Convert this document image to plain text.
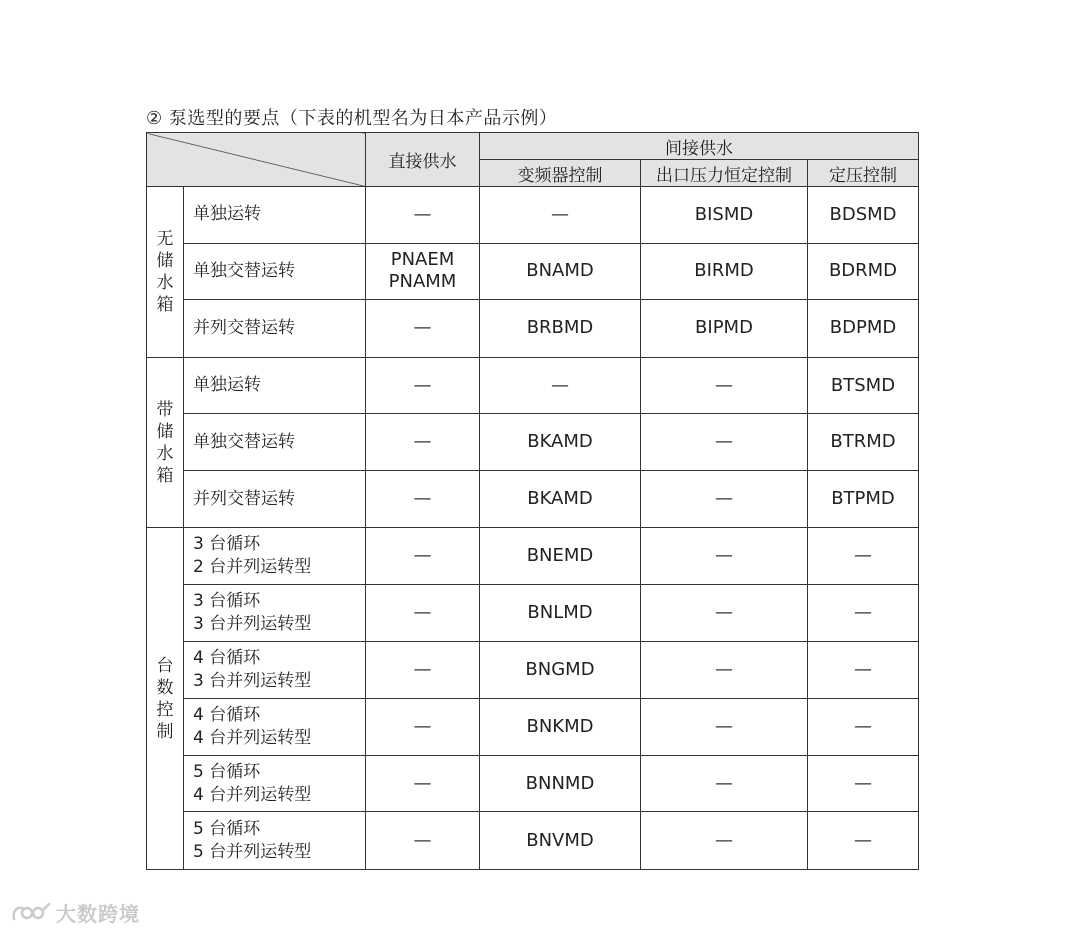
② 泵选型的要点（下表的机型名为日本产品示例）
		直接供水	间接供水		
			变频器控制	出口压力恒定控制	定压控制

无
储
水
箱	单独运转	—	—	BISMD	BDSMD

	单独交替运转	PNAEM
PNAMM	BNAMD	BIRMD	BDRMD

	并列交替运转	—	BRBMD	BIPMD	BDPMD

带
储
水
箱	单独运转	—	—	—	BTSMD

	单独交替运转	—	BKAMD	—	BTRMD

	并列交替运转	—	BKAMD	—	BTPMD

台
数
控
制	3 台循环
2 台并列运转型	—	BNEMD	—	—

	3 台循环
3 台并列运转型	—	BNLMD	—	—

	4 台循环
3 台并列运转型	—	BNGMD	—	—

	4 台循环
4 台并列运转型	—	BNKMD	—	—

	5 台循环
4 台并列运转型	—	BNNMD	—	—

	5 台循环
5 台并列运转型	—	BNVMD	—	—
大数跨境
